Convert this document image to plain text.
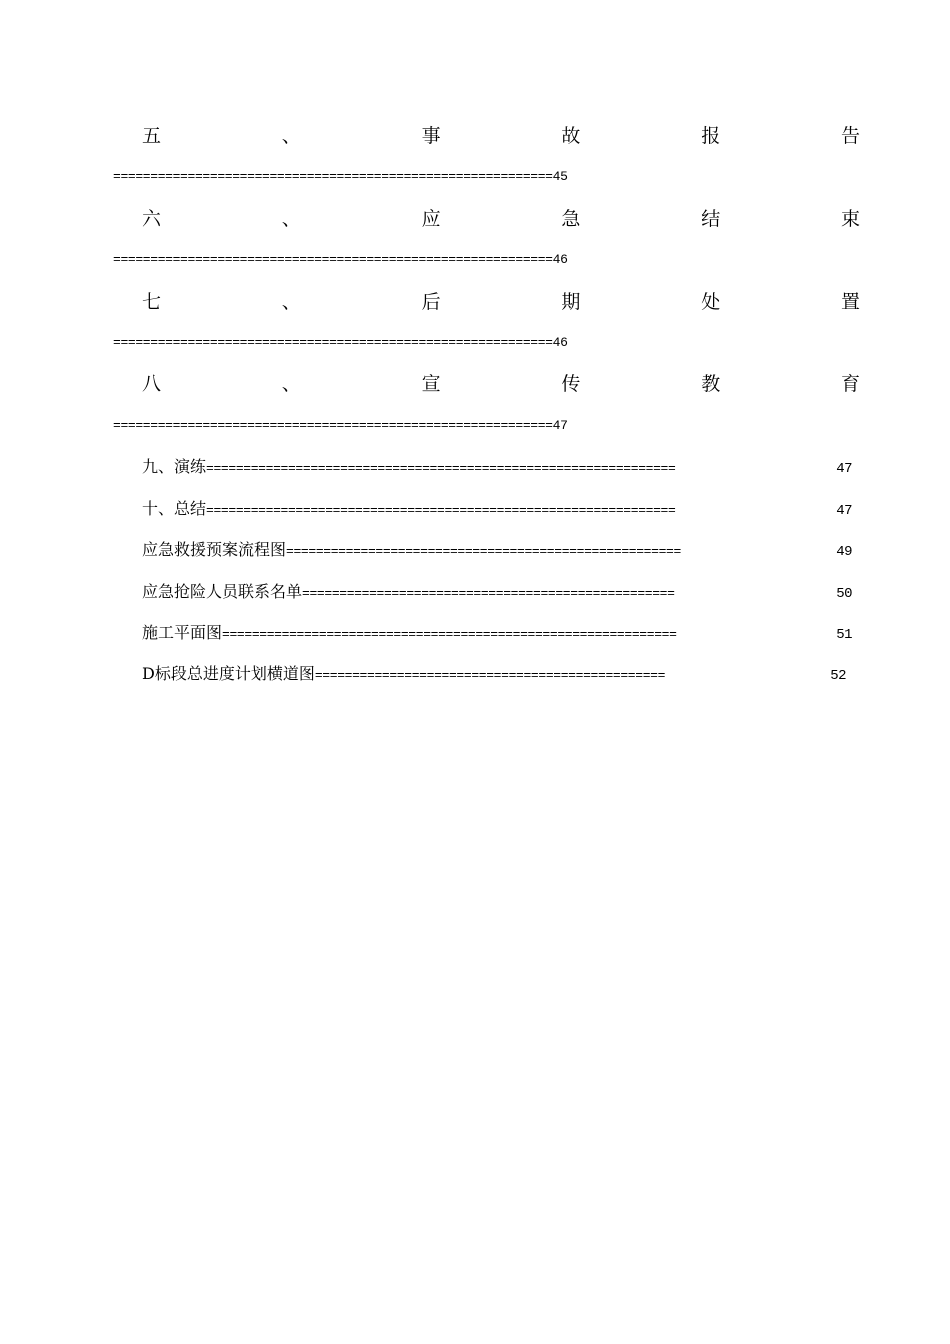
五	、	事	故	报	告
===========================================================45
六	、	应	急	结	束
===========================================================46
七	、	后	期	处	置
===========================================================46
八	、	宣	传	教	育
===========================================================47
九、演练 ===============================================================	47
十、总结 ===============================================================	47
应急救援预案流程图 =====================================================	49
应急抢险人员联系名单 ==================================================	50
施工平面图 =============================================================	51
D标段总进度计划横道图 ===============================================	52
